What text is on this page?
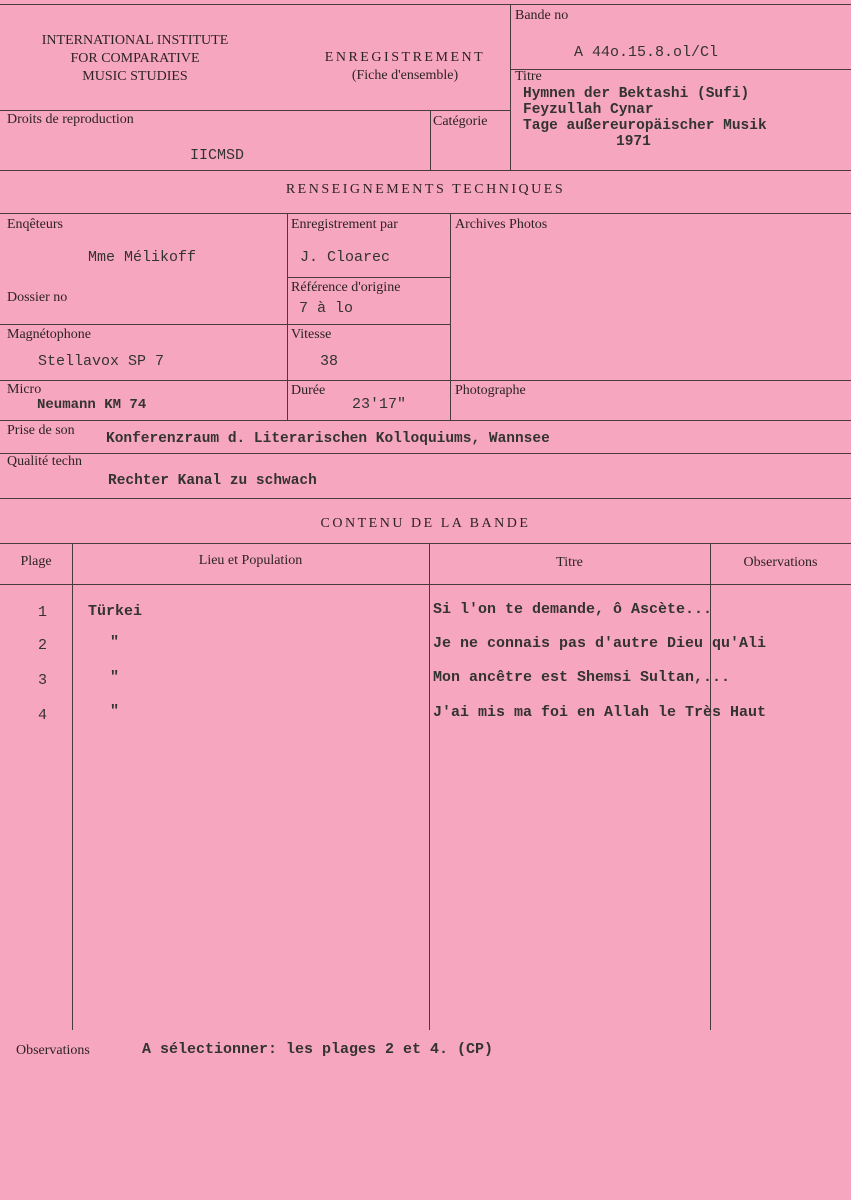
INTERNATIONAL INSTITUTE
FOR COMPARATIVE
MUSIC STUDIES
ENREGISTREMENT
(Fiche d'ensemble)
Bande no
A 44o.15.8.ol/Cl
Titre
Hymnen der Bektashi (Sufi)
Feyzullah Cynar
Tage außereuropäischer Musik
1971
Droits de reproduction
IICMSD
Catégorie
RENSEIGNEMENTS TECHNIQUES
Enqêteurs
Mme Mélikoff
Enregistrement par
J. Cloarec
Archives Photos
Dossier no
Référence d'origine
7 à lo
Magnétophone
Stellavox SP 7
Vitesse
38
Micro
Neumann KM 74
Durée
23'17"
Photographe
Prise de son
Konferenzraum d. Literarischen Kolloquiums, Wannsee
Qualité techn
Rechter Kanal zu schwach
CONTENU DE LA BANDE
Plage	Lieu et Population	Titre	Observations
1	Türkei	Si l'on te demande, ô Ascète...
2	"	Je ne connais pas d'autre Dieu qu'Ali
3	"	Mon ancêtre est Shemsi Sultan,...
4	"	J'ai mis ma foi en Allah le Très Haut
Observations	A sélectionner: les plages 2 et 4. (CP)
